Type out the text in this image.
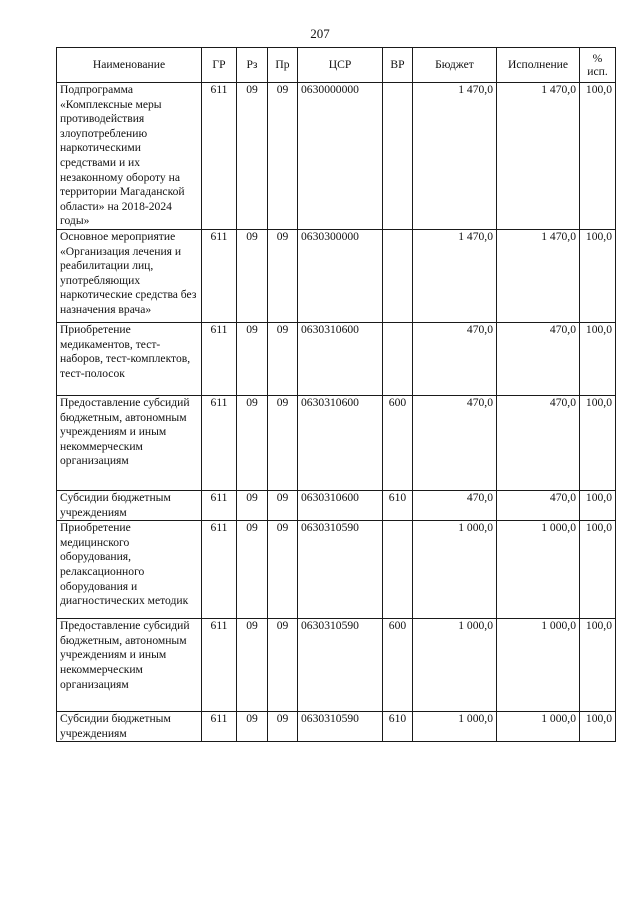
207
Наименование	ГР	Рз	Пр	ЦСР	ВР	Бюджет	Исполнение	%
исп.
Подпрограмма «Комплексные меры противодействия злоупотреблению наркотическими средствами и их незаконному обороту на территории Магаданской области» на 2018-2024 годы»	611	09	09	0630000000		1 470,0	1 470,0	100,0
Основное мероприятие «Организация лечения и реабилитации лиц, употребляющих наркотические средства без назначения врача»	611	09	09	0630300000		1 470,0	1 470,0	100,0
Приобретение медикаментов, тест-наборов, тест-комплектов, тест-полосок	611	09	09	0630310600		470,0	470,0	100,0
Предоставление субсидий бюджетным, автономным учреждениям и иным некоммерческим организациям	611	09	09	0630310600	600	470,0	470,0	100,0
Субсидии бюджетным учреждениям	611	09	09	0630310600	610	470,0	470,0	100,0
Приобретение медицинского оборудования, релаксационного оборудования и диагностических методик	611	09	09	0630310590		1 000,0	1 000,0	100,0
Предоставление субсидий бюджетным, автономным учреждениям и иным некоммерческим организациям	611	09	09	0630310590	600	1 000,0	1 000,0	100,0
Субсидии бюджетным учреждениям	611	09	09	0630310590	610	1 000,0	1 000,0	100,0
